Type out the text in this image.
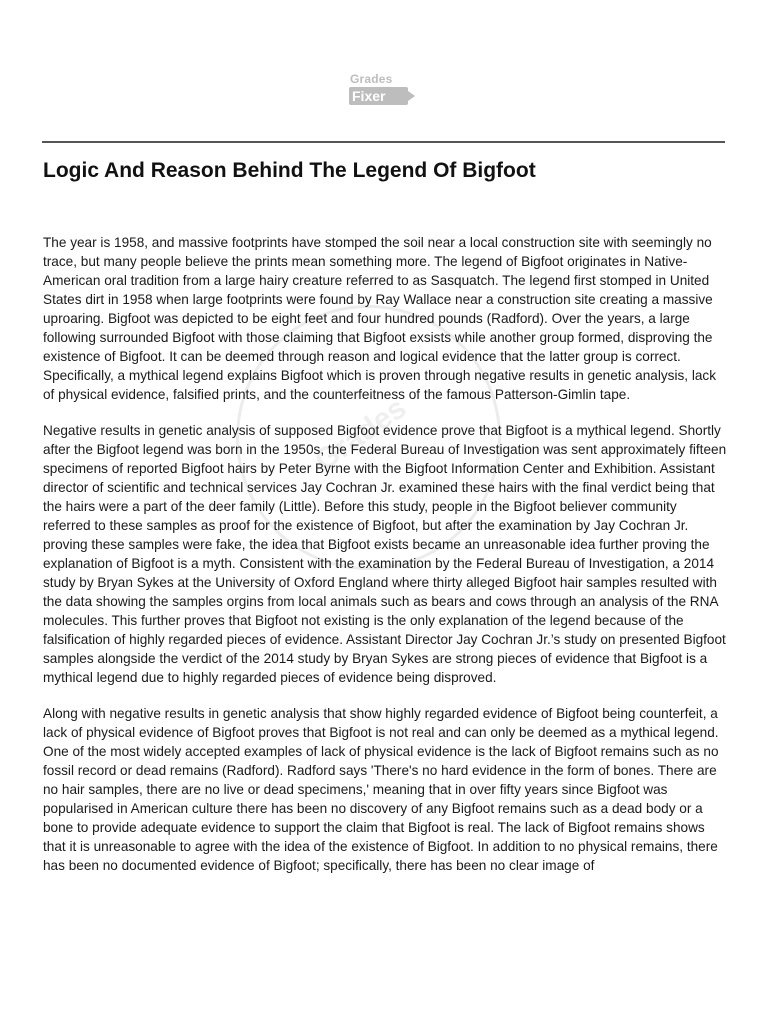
Grades
Fixer
Logic And Reason Behind The Legend Of Bigfoot
Grades

The year is 1958, and massive footprints have stomped the soil near a local construction site with seemingly no trace, but many people believe the prints mean something more. The legend of Bigfoot originates in Native-American oral tradition from a large hairy creature referred to as Sasquatch. The legend first stomped in United States dirt in 1958 when large footprints were found by Ray Wallace near a construction site creating a massive uproaring. Bigfoot was depicted to be eight feet and four hundred pounds (Radford). Over the years, a large following surrounded Bigfoot with those claiming that Bigfoot exsists while another group formed, disproving the existence of Bigfoot. It can be deemed through reason and logical evidence that the latter group is correct. Specifically, a mythical legend explains Bigfoot which is proven through negative results in genetic analysis, lack of physical evidence, falsified prints, and the counterfeitness of the famous Patterson-Gimlin tape.

Negative results in genetic analysis of supposed Bigfoot evidence prove that Bigfoot is a mythical legend. Shortly after the Bigfoot legend was born in the 1950s, the Federal Bureau of Investigation was sent approximately fifteen specimens of reported Bigfoot hairs by Peter Byrne with the Bigfoot Information Center and Exhibition. Assistant director of scientific and technical services Jay Cochran Jr. examined these hairs with the final verdict being that the hairs were a part of the deer family (Little). Before this study, people in the Bigfoot believer community referred to these samples as proof for the existence of Bigfoot, but after the examination by Jay Cochran Jr. proving these samples were fake, the idea that Bigfoot exists became an unreasonable idea further proving the explanation of Bigfoot is a myth. Consistent with the examination by the Federal Bureau of Investigation, a 2014 study by Bryan Sykes at the University of Oxford England where thirty alleged Bigfoot hair samples resulted with the data showing the samples orgins from local animals such as bears and cows through an analysis of the RNA molecules. This further proves that Bigfoot not existing is the only explanation of the legend because of the falsification of highly regarded pieces of evidence. Assistant Director Jay Cochran Jr.’s study on presented Bigfoot samples alongside the verdict of the 2014 study by Bryan Sykes are strong pieces of evidence that Bigfoot is a mythical legend due to highly regarded pieces of evidence being disproved.

Along with negative results in genetic analysis that show highly regarded evidence of Bigfoot being counterfeit, a lack of physical evidence of Bigfoot proves that Bigfoot is not real and can only be deemed as a mythical legend. One of the most widely accepted examples of lack of physical evidence is the lack of Bigfoot remains such as no fossil record or dead remains (Radford). Radford says 'There's no hard evidence in the form of bones. There are no hair samples, there are no live or dead specimens,' meaning that in over fifty years since Bigfoot was popularised in American culture there has been no discovery of any Bigfoot remains such as a dead body or a bone to provide adequate evidence to support the claim that Bigfoot is real. The lack of Bigfoot remains shows that it is unreasonable to agree with the idea of the existence of Bigfoot. In addition to no physical remains, there has been no documented evidence of Bigfoot; specifically, there has been no clear image of
